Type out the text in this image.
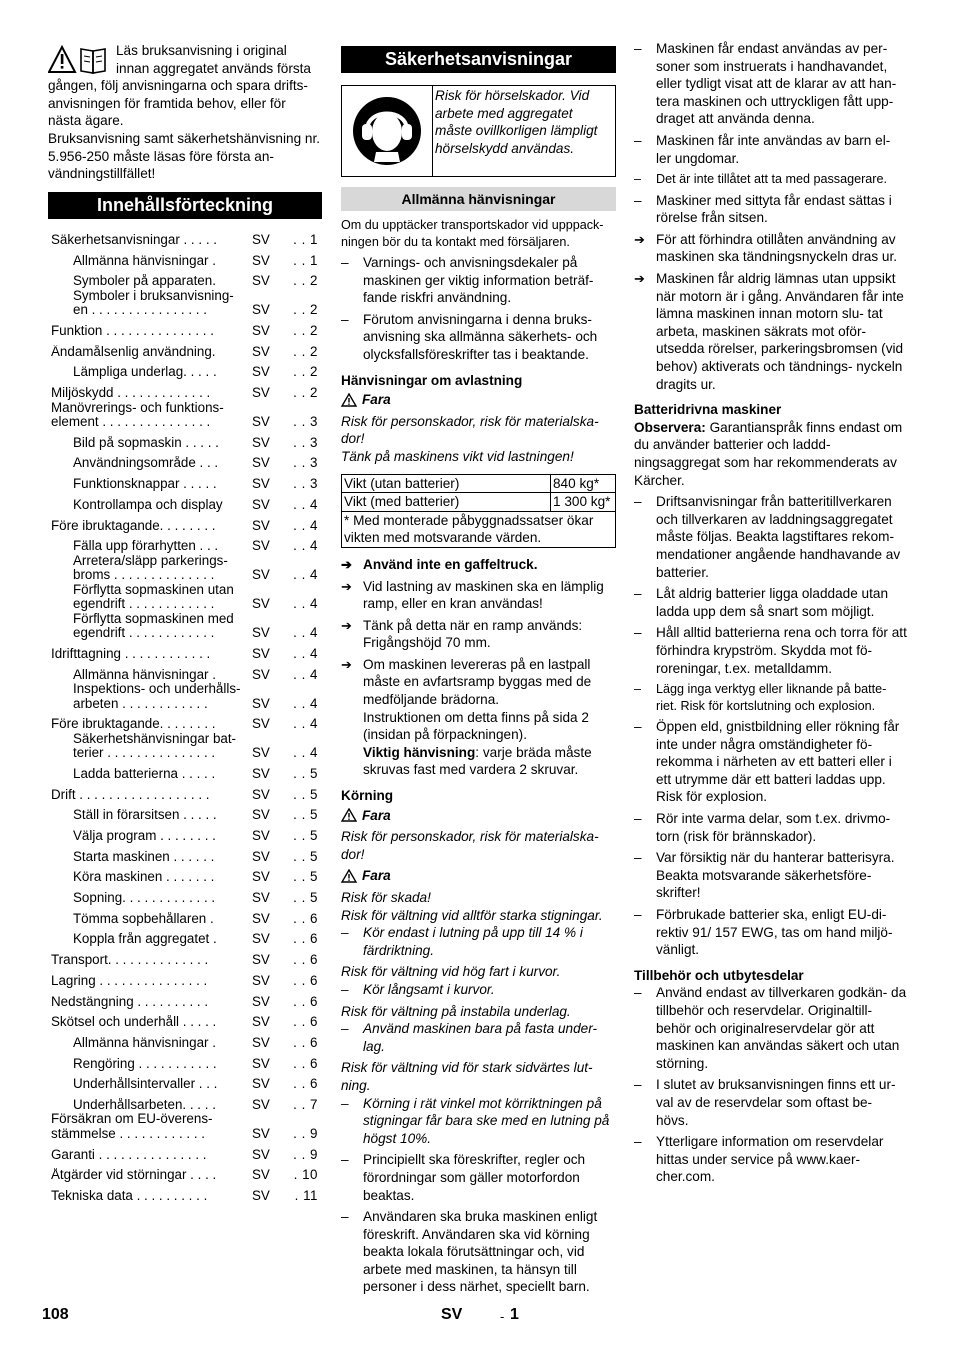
Läs bruksanvisning i original innan aggregatet används första gången, följ anvisningarna och spara drifts- anvisningen för framtida behov, eller för nästa ägare.

Bruksanvisning samt säkerhetshänvisning nr. 5.956-250 måste läsas före första an- vändningstillfället!

Innehållsförteckning
Säkerhetsanvisningar . . . . .	SV	. . 1
Allmänna hänvisningar .	SV	. . 1
Symboler på apparaten.	SV	. . 2
Symboler i bruksanvisning- en . . . . . . . . . . . . . . . .	SV	. . 2
Funktion . . . . . . . . . . . . . . .	SV	. . 2
Ändamålsenlig användning.	SV	. . 2
Lämpliga underlag. . . . .	SV	. . 2
Miljöskydd . . . . . . . . . . . . .	SV	. . 2
Manövrerings- och funktions- element . . . . . . . . . . . . . . .	SV	. . 3
Bild på sopmaskin . . . . .	SV	. . 3
Användningsområde . . .	SV	. . 3
Funktionsknappar . . . . .	SV	. . 3
Kontrollampa och display	SV	. . 4
Före ibruktagande. . . . . . . .	SV	. . 4
Fälla upp förarhytten . . .	SV	. . 4
Arretera/släpp parkerings- broms . . . . . . . . . . . . . .	SV	. . 4
Förflytta sopmaskinen utan egendrift . . . . . . . . . . . .	SV	. . 4
Förflytta sopmaskinen med egendrift . . . . . . . . . . . .	SV	. . 4
Idrifttagning . . . . . . . . . . . .	SV	. . 4
Allmänna hänvisningar .	SV	. . 4
Inspektions- och underhålls- arbeten . . . . . . . . . . . .	SV	. . 4
Före ibruktagande. . . . . . . .	SV	. . 4
Säkerhetshänvisningar bat- terier . . . . . . . . . . . . . . .	SV	. . 4
Ladda batterierna . . . . .	SV	. . 5
Drift . . . . . . . . . . . . . . . . . .	SV	. . 5
Ställ in förarsitsen . . . . .	SV	. . 5
Välja program . . . . . . . .	SV	. . 5
Starta maskinen . . . . . .	SV	. . 5
Köra maskinen . . . . . . .	SV	. . 5
Sopning. . . . . . . . . . . . .	SV	. . 5
Tömma sopbehållaren .	SV	. . 6
Koppla från aggregatet .	SV	. . 6
Transport. . . . . . . . . . . . . .	SV	. . 6
Lagring . . . . . . . . . . . . . . .	SV	. . 6
Nedstängning . . . . . . . . . .	SV	. . 6
Skötsel och underhåll . . . . .	SV	. . 6
Allmänna hänvisningar .	SV	. . 6
Rengöring . . . . . . . . . . .	SV	. . 6
Underhållsintervaller . . .	SV	. . 6
Underhållsarbeten. . . . .	SV	. . 7
Försäkran om EU-överens- stämmelse . . . . . . . . . . . .	SV	. . 9
Garanti . . . . . . . . . . . . . . .	SV	. . 9
Åtgärder vid störningar . . . .	SV	. 10
Tekniska data . . . . . . . . . .	SV	. 11
Säkerhetsanvisningar
Risk för hörselskador. Vid arbete med aggregatet måste ovillkorligen lämpligt hörselskydd användas.
Allmänna hänvisningar

Om du upptäcker transportskador vid upppack- ningen bör du ta kontakt med försäljaren.

– Varnings- och anvisningsdekaler på maskinen ger viktig information beträf- fande riskfri användning.

– Förutom anvisningarna i denna bruks- anvisning ska allmänna säkerhets- och olycksfallsföreskrifter tas i beaktande.

Hänvisningar om avlastning

Fara

Risk för personskador, risk för materialska- dor!

Tänk på maskinens vikt vid lastningen!

Vikt (utan batterier)	840 kg*
Vikt (med batterier)	1 300 kg*
* Med monterade påbyggnadssatser ökar vikten med motsvarande värden.	

➔ Använd inte en gaffeltruck.

➔ Vid lastning av maskinen ska en lämplig ramp, eller en kran användas!

➔ Tänk på detta när en ramp används: Frigångshöjd 70 mm.

➔ Om maskinen levereras på en lastpall måste en avfartsramp byggas med de medföljande brädorna.

Instruktionen om detta finns på sida 2 (insidan på förpackningen).

Viktig hänvisning: varje bräda måste skruvas fast med varderа 2 skruvar.

Körning

Fara

Risk för personskador, risk för materialska- dor!

Fara

Risk för skada!

Risk för vältning vid alltför starka stigningar.

– Kör endast i lutning på upp till 14 % i färdriktning.

Risk för vältning vid hög fart i kurvor.

– Kör långsamt i kurvor.

Risk för vältning på instabila underlag.

– Använd maskinen bara på fasta under- lag.

Risk för vältning vid för stark sidvärtes lut- ning.

– Körning i rät vinkel mot körriktningen på stigningar får bara ske med en lutning på högst 10%.

– Principiellt ska föreskrifter, regler och förordningar som gäller motorfordon beaktas.

– Användaren ska bruka maskinen enligt föreskrift. Användaren ska vid körning beakta lokala förutsättningar och, vid arbete med maskinen, ta hänsyn till personer i dess närhet, speciellt barn.

– Maskinen får endast användas av per- soner som instruerats i handhavandet, eller tydligt visat att de klarar av att han- tera maskinen och uttryckligen fått upp- draget att använda denna.

– Maskinen får inte användas av barn el- ler ungdomar.

– Det är inte tillåtet att ta med passagerare.

– Maskiner med sittyta får endast sättas i rörelse från sitsen.

➔ För att förhindra otillåten användning av maskinen ska tändningsnyckeln dras ur.

➔ Maskinen får aldrig lämnas utan uppsikt när motorn är i gång. Användaren får inte lämna maskinen innan motorn slu- tat arbeta, maskinen säkrats mot oför- utsedda rörelser, parkeringsbromsen (vid behov) aktiverats och tändnings- nyckeln dragits ur.

Batteridrivna maskiner

Observera: Garantianspråk finns endast om du använder batterier och laddd- ningsaggregat som har rekommenderats av Kärcher.

– Driftsanvisningar från batteritillverkaren och tillverkaren av laddningsaggregatet måste följas. Beakta lagstiftares rekom- mendationer angående handhavande av batterier.

– Låt aldrig batterier ligga oladdade utan ladda upp dem så snart som möjligt.

– Håll alltid batterierna rena och torra för att förhindra krypström. Skydda mot fö- roreningar, t.ex. metalldamm.

– Lägg inga verktyg eller liknande på batte- riet. Risk för kortslutning och explosion.

– Öppen eld, gnistbildning eller rökning får inte under några omständigheter fö- rekomma i närheten av ett batteri eller i ett utrymme där ett batteri laddas upp. Risk för explosion.

– Rör inte varma delar, som t.ex. drivmo- torn (risk för brännskador).

– Var försiktig när du hanterar batterisyra. Beakta motsvarande säkerhetsföre- skrifter!

– Förbrukade batterier ska, enligt EU-di- rektiv 91/ 157 EWG, tas om hand miljö- vänligt.

Tillbehör och utbytesdelar

– Använd endast av tillverkaren godkän- da tillbehör och reservdelar. Originaltill- behör och originalreservdelar gör att maskinen kan användas säkert och utan störning.

– I slutet av bruksanvisningen finns ett ur- val av de reservdelar som oftast be- hövs.

– Ytterligare information om reservdelar hittas under service på www.kaer- cher.com.

108	SV	- 1
